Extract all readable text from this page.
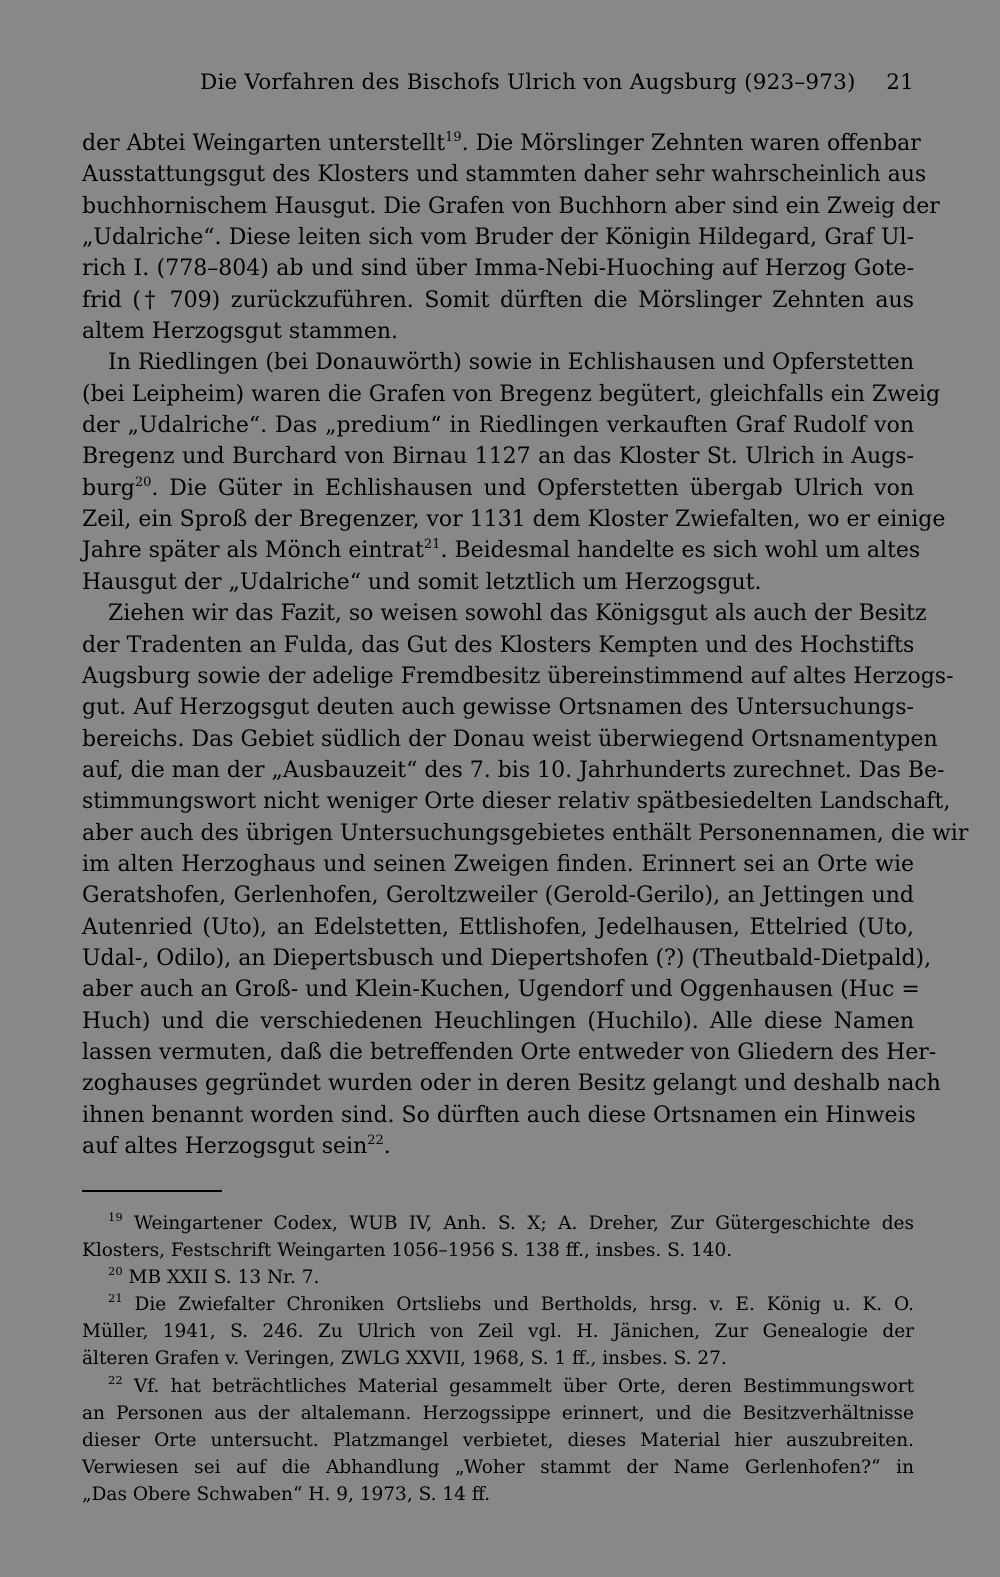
Die Vorfahren des Bischofs Ulrich von Augsburg (923–973) 21
der Abtei Weingarten unterstellt$^{19}$. Die Mörslinger Zehnten waren offenbar
Ausstattungsgut des Klosters und stammten daher sehr wahrscheinlich aus
buchhornischem Hausgut. Die Grafen von Buchhorn aber sind ein Zweig der
„Udalriche“. Diese leiten sich vom Bruder der Königin Hildegard, Graf Ul-
rich I. (778–804) ab und sind über Imma-Nebi-Huoching auf Herzog Gote-
frid († 709) zurückzuführen. Somit dürften die Mörslinger Zehnten aus
altem Herzogsgut stammen.
In Riedlingen (bei Donauwörth) sowie in Echlishausen und Opferstetten
(bei Leipheim) waren die Grafen von Bregenz begütert, gleichfalls ein Zweig
der „Udalriche“. Das „predium“ in Riedlingen verkauften Graf Rudolf von
Bregenz und Burchard von Birnau 1127 an das Kloster St. Ulrich in Augs-
burg$^{20}$. Die Güter in Echlishausen und Opferstetten übergab Ulrich von
Zeil, ein Sproß der Bregenzer, vor 1131 dem Kloster Zwiefalten, wo er einige
Jahre später als Mönch eintrat$^{21}$. Beidesmal handelte es sich wohl um altes
Hausgut der „Udalriche“ und somit letztlich um Herzogsgut.
Ziehen wir das Fazit, so weisen sowohl das Königsgut als auch der Besitz
der Tradenten an Fulda, das Gut des Klosters Kempten und des Hochstifts
Augsburg sowie der adelige Fremdbesitz übereinstimmend auf altes Herzogs-
gut. Auf Herzogsgut deuten auch gewisse Ortsnamen des Untersuchungs-
bereichs. Das Gebiet südlich der Donau weist überwiegend Ortsnamentypen
auf, die man der „Ausbauzeit“ des 7. bis 10. Jahrhunderts zurechnet. Das Be-
stimmungswort nicht weniger Orte dieser relativ spätbesiedelten Landschaft,
aber auch des übrigen Untersuchungsgebietes enthält Personennamen, die wir
im alten Herzoghaus und seinen Zweigen finden. Erinnert sei an Orte wie
Geratshofen, Gerlenhofen, Geroltzweiler (Gerold-Gerilo), an Jettingen und
Autenried (Uto), an Edelstetten, Ettlishofen, Jedelhausen, Ettelried (Uto,
Udal-, Odilo), an Diepertsbusch und Diepertshofen (?) (Theutbald-Dietpald),
aber auch an Groß- und Klein-Kuchen, Ugendorf und Oggenhausen (Huc =
Huch) und die verschiedenen Heuchlingen (Huchilo). Alle diese Namen
lassen vermuten, daß die betreffenden Orte entweder von Gliedern des Her-
zoghauses gegründet wurden oder in deren Besitz gelangt und deshalb nach
ihnen benannt worden sind. So dürften auch diese Ortsnamen ein Hinweis
auf altes Herzogsgut sein$^{22}$.
$^{19}$ Weingartener Codex, WUB IV, Anh. S. X; A. Dreher, Zur Gütergeschichte des
Klosters, Festschrift Weingarten 1056–1956 S. 138 ff., insbes. S. 140.
$^{20}$ MB XXII S. 13 Nr. 7.
$^{21}$ Die Zwiefalter Chroniken Ortsliebs und Bertholds, hrsg. v. E. König u. K. O.
Müller, 1941, S. 246. Zu Ulrich von Zeil vgl. H. Jänichen, Zur Genealogie der
älteren Grafen v. Veringen, ZWLG XXVII, 1968, S. 1 ff., insbes. S. 27.
$^{22}$ Vf. hat beträchtliches Material gesammelt über Orte, deren Bestimmungswort
an Personen aus der altalemann. Herzogssippe erinnert, und die Besitzverhältnisse
dieser Orte untersucht. Platzmangel verbietet, dieses Material hier auszubreiten.
Verwiesen sei auf die Abhandlung „Woher stammt der Name Gerlenhofen?“ in
„Das Obere Schwaben“ H. 9, 1973, S. 14 ff.
